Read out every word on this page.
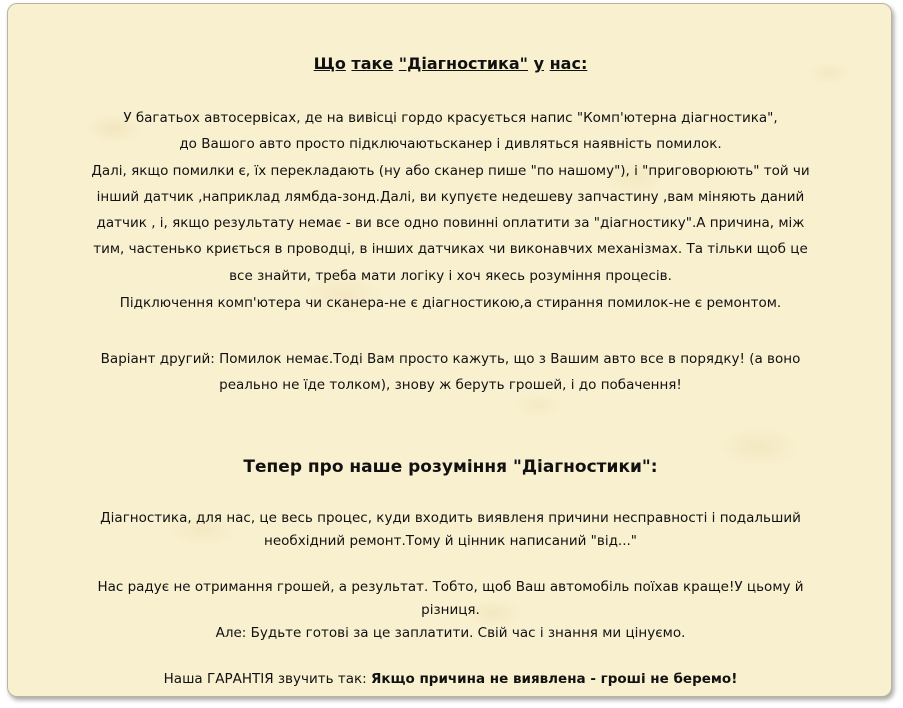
Що таке "Діагностика" у нас:
У багатьох автосервісах, де на вивісці гордо красується напис "Комп'ютерна діагностика",
до Вашого авто просто підключаютьсканер і дивляться наявність помилок.
Далі, якщо помилки є, їх перекладають (ну або сканер пише "по нашому"), і "приговорюють" той чи
інший датчик ,наприклад лямбда-зонд.Далі, ви купуєте недешеву запчастину ,вам міняють даний
датчик , і, якщо результату немає - ви все одно повинні оплатити за "діагностику".А причина, між
тим, частенько криється в проводці, в інших датчиках чи виконавчих механізмах. Та тільки щоб це
все знайти, треба мати логіку і хоч якесь розуміння процесів.
Підключення комп'ютера чи сканера-не є діагностикою,а стирання помилок-не є ремонтом.
Варіант другий: Помилок немає.Тоді Вам просто кажуть, що з Вашим авто все в порядку! (а воно
реально не їде толком), знову ж беруть грошей, і до побачення!
Тепер про наше розуміння "Діагностики":
Діагностика, для нас, це весь процес, куди входить виявленя причини несправності і подальший
необхідний ремонт.Тому й цінник написаний "від..."
Нас радує не отримання грошей, а результат. Тобто, щоб Ваш автомобіль поїхав краще!У цьому й
різниця.
Але: Будьте готові за це заплатити. Свій час і знання ми цінуємо.
Наша ГАРАНТІЯ звучить так: Якщо причина не виявлена - гроші не беремо!
